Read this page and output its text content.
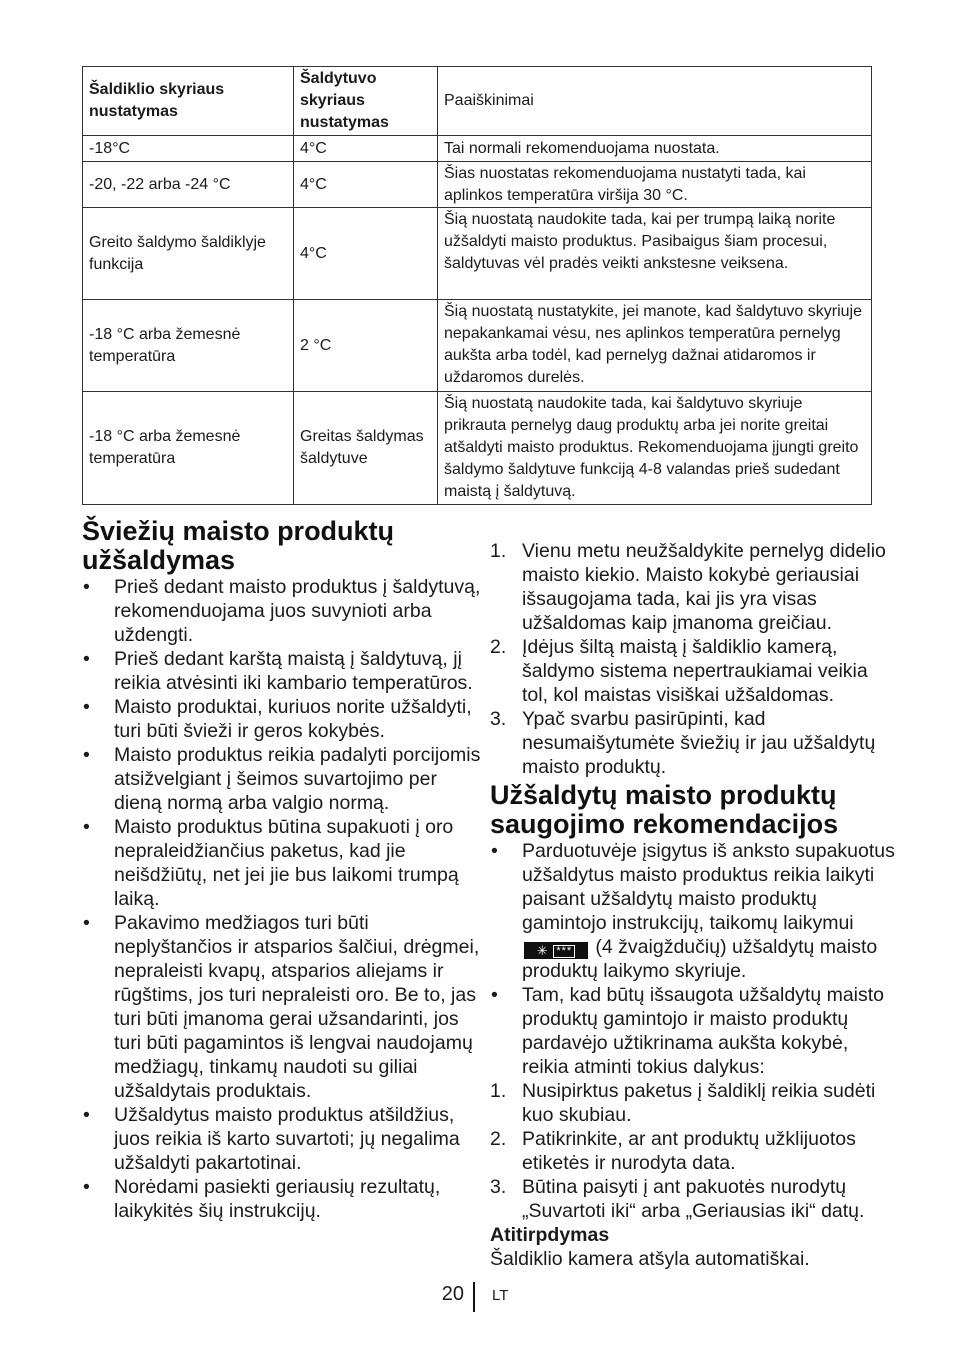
Šaldiklio skyriaus nustatymas	Šaldytuvo skyriaus nustatymas	Paaiškinimai
-18°C	4°C	Tai normali rekomenduojama nuostata.
-20, -22 arba -24 °C	4°C	Šias nuostatas rekomenduojama nustatyti tada, kai aplinkos temperatūra viršija 30 °C.
Greito šaldymo šaldiklyje funkcija	4°C	Šią nuostatą naudokite tada, kai per trumpą laiką norite užšaldyti maisto produktus. Pasibaigus šiam procesui, šaldytuvas vėl pradės veikti ankstesne veiksena.
-18 °C arba žemesnė temperatūra	2 °C	Šią nuostatą nustatykite, jei manote, kad šaldytuvo skyriuje nepakankamai vėsu, nes aplinkos temperatūra pernelyg aukšta arba todėl, kad pernelyg dažnai atidaromos ir uždaromos durelės.
-18 °C arba žemesnė temperatūra	Greitas šaldymas šaldytuve	Šią nuostatą naudokite tada, kai šaldytuvo skyriuje prikrauta pernelyg daug produktų arba jei norite greitai atšaldyti maisto produktus. Rekomenduojama įjungti greito šaldymo šaldytuve funkciją 4-8 valandas prieš sudedant maistą į šaldytuvą.
Šviežių maisto produktų užšaldymas
• Prieš dedant maisto produktus į šaldytuvą, rekomenduojama juos suvynioti arba uždengti.
• Prieš dedant karštą maistą į šaldytuvą, jį reikia atvėsinti iki kambario temperatūros.
• Maisto produktai, kuriuos norite užšaldyti, turi būti švieži ir geros kokybės.
• Maisto produktus reikia padalyti porcijomis atsižvelgiant į šeimos suvartojimo per dieną normą arba valgio normą.
• Maisto produktus būtina supakuoti į oro nepraleidžiančius paketus, kad jie neišdžiūtų, net jei jie bus laikomi trumpą laiką.
• Pakavimo medžiagos turi būti neplyštančios ir atsparios šalčiui, drėgmei, nepraleisti kvapų, atsparios aliejams ir rūgštims, jos turi nepraleisti oro. Be to, jas turi būti įmanoma gerai užsandarinti, jos turi būti pagamintos iš lengvai naudojamų medžiagų, tinkamų naudoti su giliai užšaldytais produktais.
• Užšaldytus maisto produktus atšildžius, juos reikia iš karto suvartoti; jų negalima užšaldyti pakartotinai.
• Norėdami pasiekti geriausių rezultatų, laikykitės šių instrukcijų.
1. Vienu metu neužšaldykite pernelyg didelio maisto kiekio. Maisto kokybė geriausiai išsaugojama tada, kai jis yra visas užšaldomas kaip įmanoma greičiau.
2. Įdėjus šiltą maistą į šaldiklio kamerą, šaldymo sistema nepertraukiamai veikia tol, kol maistas visiškai užšaldomas.
3. Ypač svarbu pasirūpinti, kad nesumaišytumėte šviežių ir jau užšaldytų maisto produktų.
Užšaldytų maisto produktų saugojimo rekomendacijos
• Parduotuvėje įsigytus iš anksto supakuotus užšaldytus maisto produktus reikia laikyti paisant užšaldytų maisto produktų gamintojo instrukcijų, taikomų laikymui ✳ *** (4 žvaigždučių) užšaldytų maisto produktų laikymo skyriuje.
• Tam, kad būtų išsaugota užšaldytų maisto produktų gamintojo ir maisto produktų pardavėjo užtikrinama aukšta kokybė, reikia atminti tokius dalykus:
1. Nusipirktus paketus į šaldiklį reikia sudėti kuo skubiau.
2. Patikrinkite, ar ant produktų užklijuotos etiketės ir nurodyta data.
3. Būtina paisyti į ant pakuotės nurodytų „Suvartoti iki“ arba „Geriausias iki“ datų.

Atitirpdymas

Šaldiklio kamera atšyla automatiškai.

20 LT
